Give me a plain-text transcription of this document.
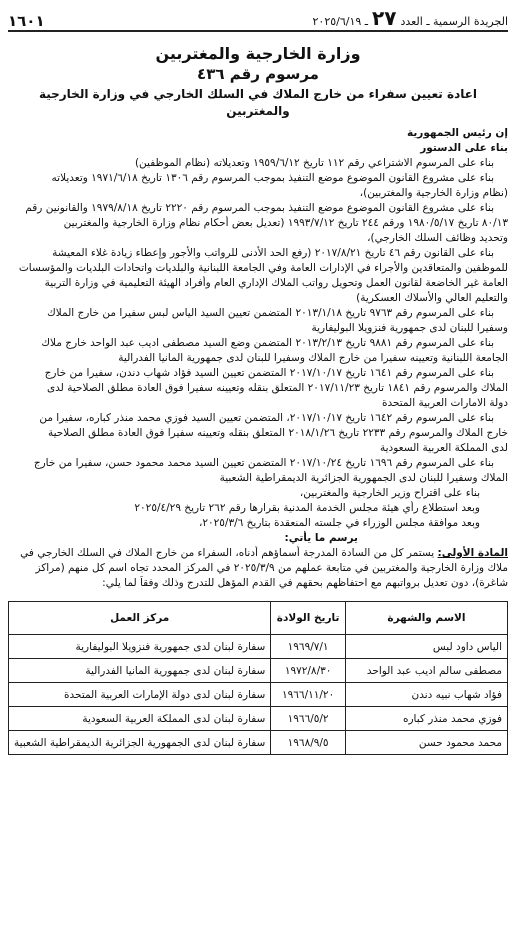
الجريدة الرسمية ـ العدد
٢٧
ـ ٢٠٢٥/٦/١٩
١٦٠١
وزارة الخارجية والمغتربين
مرسوم رقم ٤٣٦
اعادة تعيين سفراء من خارج الملاك في السلك الخارجي في وزارة الخارجية والمغتربين
إن رئيس الجمهورية
بناء على الدستور
بناء على المرسوم الاشتراعي رقم ١١٢ تاريخ ١٩٥٩/٦/١٢ وتعديلاته (نظام الموظفين)
بناء على مشروع القانون الموضوع موضع التنفيذ بموجب المرسوم رقم ١٣٠٦ تاريخ ١٩٧١/٦/١٨ وتعديلاته
(نظام وزارة الخارجية والمغتربين)،
بناء على مشروع القانون الموضوع موضع التنفيذ بموجب المرسوم رقم ٢٢٢٠ تاريخ ١٩٧٩/٨/١٨ والقانونين رقم
٨٠/١٣ تاريخ ١٩٨٠/٥/١٧ ورقم ٢٤٤ تاريخ ١٩٩٣/٧/١٢ (تعديل بعض أحكام نظام وزارة الخارجية والمغتربين
وتحديد وظائف السلك الخارجي)،
بناء على القانون رقم ٤٦ تاريخ ٢٠١٧/٨/٢١ (رفع الحد الأدنى للرواتب والأجور وإعطاء زيادة غلاء المعيشة
للموظفين والمتعاقدين والأجراء في الإدارات العامة وفي الجامعة اللبنانية والبلديات واتحادات البلديات والمؤسسات
العامة غير الخاضعة لقانون العمل وتحويل رواتب الملاك الإداري العام وأفراد الهيئة التعليمية في وزارة التربية
والتعليم العالي والأسلاك العسكرية)
بناء على المرسوم رقم ٩٧٦٣ تاريخ ٢٠١٣/١/١٨ المتضمن تعيين السيد الياس لبس سفيرا من خارج الملاك
وسفيرا للبنان لدى جمهورية فنزويلا البوليفارية
بناء على المرسوم رقم ٩٨٨١ تاريخ ٢٠١٣/٢/١٣ المتضمن وضع السيد مصطفى اديب عبد الواحد خارج ملاك
الجامعة اللبنانية وتعيينه سفيرا من خارج الملاك وسفيرا للبنان لدى جمهورية المانيا الفدرالية
بناء على المرسوم رقم ١٦٤١ تاريخ ٢٠١٧/١٠/١٧ المتضمن تعيين السيد فؤاد شهاب دندن، سفيرا من خارج
الملاك والمرسوم رقم ١٨٤١ تاريخ ٢٠١٧/١١/٢٣ المتعلق بنقله وتعيينه سفيرا فوق العادة مطلق الصلاحية لدى
دولة الامارات العربية المتحدة
بناء على المرسوم رقم ١٦٤٢ تاريخ ٢٠١٧/١٠/١٧، المتضمن تعيين السيد فوزي محمد منذر كباره، سفيرا من
خارج الملاك والمرسوم رقم ٢٢٣٣ تاريخ ٢٠١٨/١/٢٦ المتعلق بنقله وتعيينه سفيرا فوق العادة مطلق الصلاحية
لدى المملكة العربية السعودية
بناء على المرسوم رقم ١٦٩٦ تاريخ ٢٠١٧/١٠/٢٤ المتضمن تعيين السيد محمد محمود حسن، سفيرا من خارج
الملاك وسفيرا للبنان لدى الجمهورية الجزائرية الديمقراطية الشعبية
بناء على اقتراح وزير الخارجية والمغتربين،
وبعد استطلاع رأي هيئة مجلس الخدمة المدنية بقرارها رقم ٢٦٢ تاريخ ٢٠٢٥/٤/٢٩
وبعد موافقة مجلس الوزراء في جلسته المنعقدة بتاريخ ٢٠٢٥/٣/٦،
يرسم ما يأتي:
المادة الأولى: يستمر كل من السادة المدرجة أسماؤهم أدناه، السفراء من خارج الملاك في السلك الخارجي في
ملاك وزارة الخارجية والمغتربين في متابعة عملهم من ٢٠٢٥/٣/٩ في المركز المحدد تجاه اسم كل منهم (مراكز
شاغرة)، دون تعديل برواتبهم مع احتفاظهم بحقهم في القدم المؤهل للتدرج وذلك وفقاً لما يلي:
الاسم والشهرة	تاريخ الولادة	مركز العمل
الياس داود لبس	١٩٦٩/٧/١	سفارة لبنان لدى جمهورية فنزويلا البوليفارية
مصطفى سالم اديب عبد الواحد	١٩٧٢/٨/٣٠	سفارة لبنان لدى جمهورية المانيا الفدرالية
فؤاد شهاب نبيه دندن	١٩٦٦/١١/٢٠	سفارة لبنان لدى دولة الإمارات العربية المتحدة
فوزي محمد منذر كباره	١٩٦٦/٥/٢	سفارة لبنان لدى المملكة العربية السعودية
محمد محمود حسن	١٩٦٨/٩/٥	سفارة لبنان لدى الجمهورية الجزائرية الديمقراطية الشعبية
